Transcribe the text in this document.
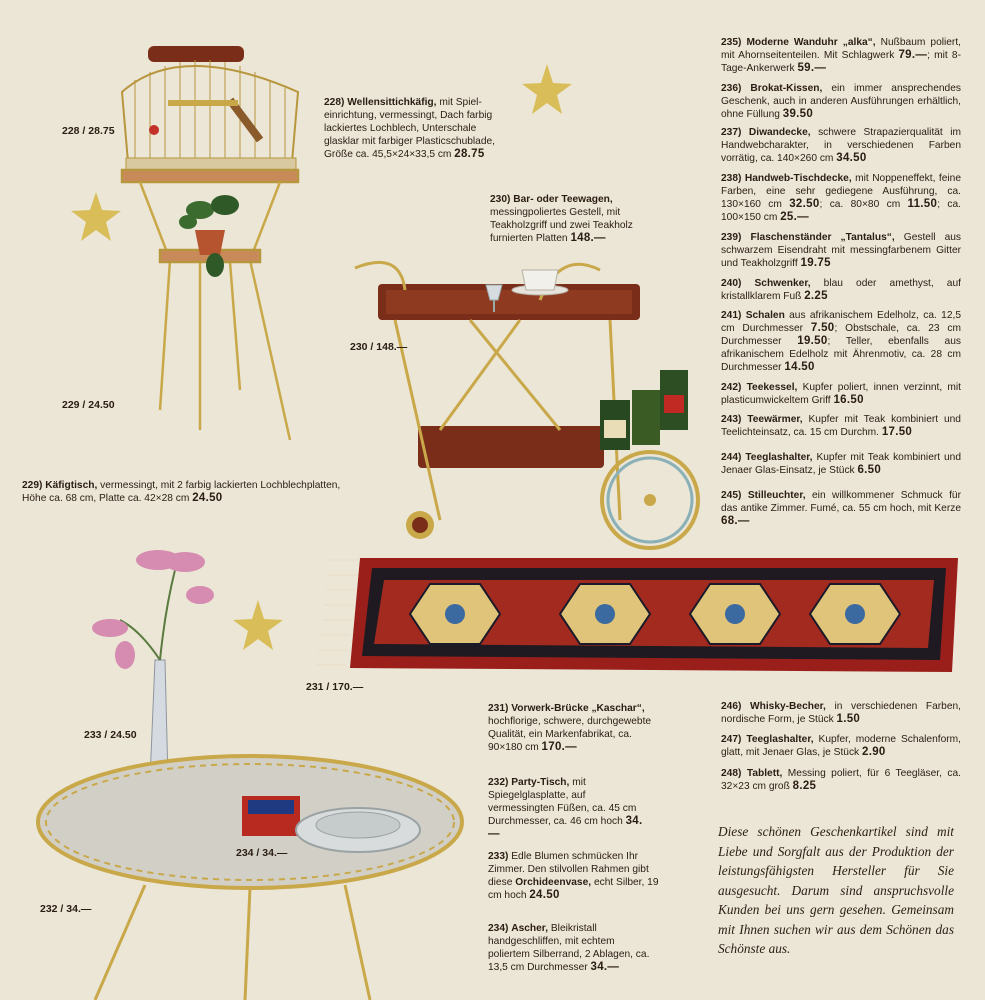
228 / 28.75
229 / 24.50
230 / 148.—
231 / 170.—
232 / 34.—
233 / 24.50
234 / 34.—
228) Wellensittichkäfig, mit Spiel-einrichtung, vermessingt, Dach farbig lackiertes Lochblech, Unterschale glasklar mit farbiger Plasticschublade, Größe ca. 45,5×24×33,5 cm 28.75
229) Käfigtisch, vermessingt, mit 2 farbig lackierten Lochblechplatten, Höhe ca. 68 cm, Platte ca. 42×28 cm 24.50
230) Bar- oder Teewagen, messingpoliertes Gestell, mit Teakholzgriff und zwei Teakholz furnierten Platten 148.—
231) Vorwerk-Brücke „Kaschar“, hochflorige, schwere, durchgewebte Qualität, ein Markenfabrikat, ca. 90×180 cm 170.—
232) Party-Tisch, mit Spiegelglasplatte, auf vermessingten Füßen, ca. 45 cm Durchmesser, ca. 46 cm hoch 34.—
233) Edle Blumen schmücken Ihr Zimmer. Den stilvollen Rahmen gibt diese Orchideenvase, echt Silber, 19 cm hoch 24.50
234) Ascher, Bleikristall handgeschliffen, mit echtem poliertem Silberrand, 2 Ablagen, ca. 13,5 cm Durchmesser 34.—
235) Moderne Wanduhr „alka“, Nußbaum poliert, mit Ahornseitenteilen. Mit Schlagwerk 79.—; mit 8-Tage-Ankerwerk 59.—
236) Brokat-Kissen, ein immer ansprechendes Geschenk, auch in anderen Ausführungen erhältlich, ohne Füllung 39.50
237) Diwandecke, schwere Strapazierqualität im Handwebcharakter, in verschiedenen Farben vorrätig, ca. 140×260 cm 34.50
238) Handweb-Tischdecke, mit Noppeneffekt, feine Farben, eine sehr gediegene Ausführung, ca. 130×160 cm 32.50; ca. 80×80 cm 11.50; ca. 100×150 cm 25.—
239) Flaschenständer „Tantalus“, Gestell aus schwarzem Eisendraht mit messingfarbenem Gitter und Teakholzgriff 19.75
240) Schwenker, blau oder amethyst, auf kristallklarem Fuß 2.25
241) Schalen aus afrikanischem Edelholz, ca. 12,5 cm Durchmesser 7.50; Obstschale, ca. 23 cm Durchmesser 19.50; Teller, ebenfalls aus afrikanischem Edelholz mit Ährenmotiv, ca. 28 cm Durchmesser 14.50
242) Teekessel, Kupfer poliert, innen verzinnt, mit plasticumwickeltem Griff 16.50
243) Teewärmer, Kupfer mit Teak kombiniert und Teelichteinsatz, ca. 15 cm Durchm. 17.50
244) Teeglashalter, Kupfer mit Teak kombiniert und Jenaer Glas-Einsatz, je Stück 6.50
245) Stilleuchter, ein willkommener Schmuck für das antike Zimmer. Fumé, ca. 55 cm hoch, mit Kerze 68.—
246) Whisky-Becher, in verschiedenen Farben, nordische Form, je Stück 1.50
247) Teeglashalter, Kupfer, moderne Schalenform, glatt, mit Jenaer Glas, je Stück 2.90
248) Tablett, Messing poliert, für 6 Teegläser, ca. 32×23 cm groß 8.25
Diese schönen Geschenkartikel sind mit Liebe und Sorgfalt aus der Produktion der leistungsfähigsten Hersteller für Sie ausgesucht. Darum sind anspruchsvolle Kunden bei uns gern gesehen. Gemeinsam mit Ihnen suchen wir aus dem Schönen das Schönste aus.
